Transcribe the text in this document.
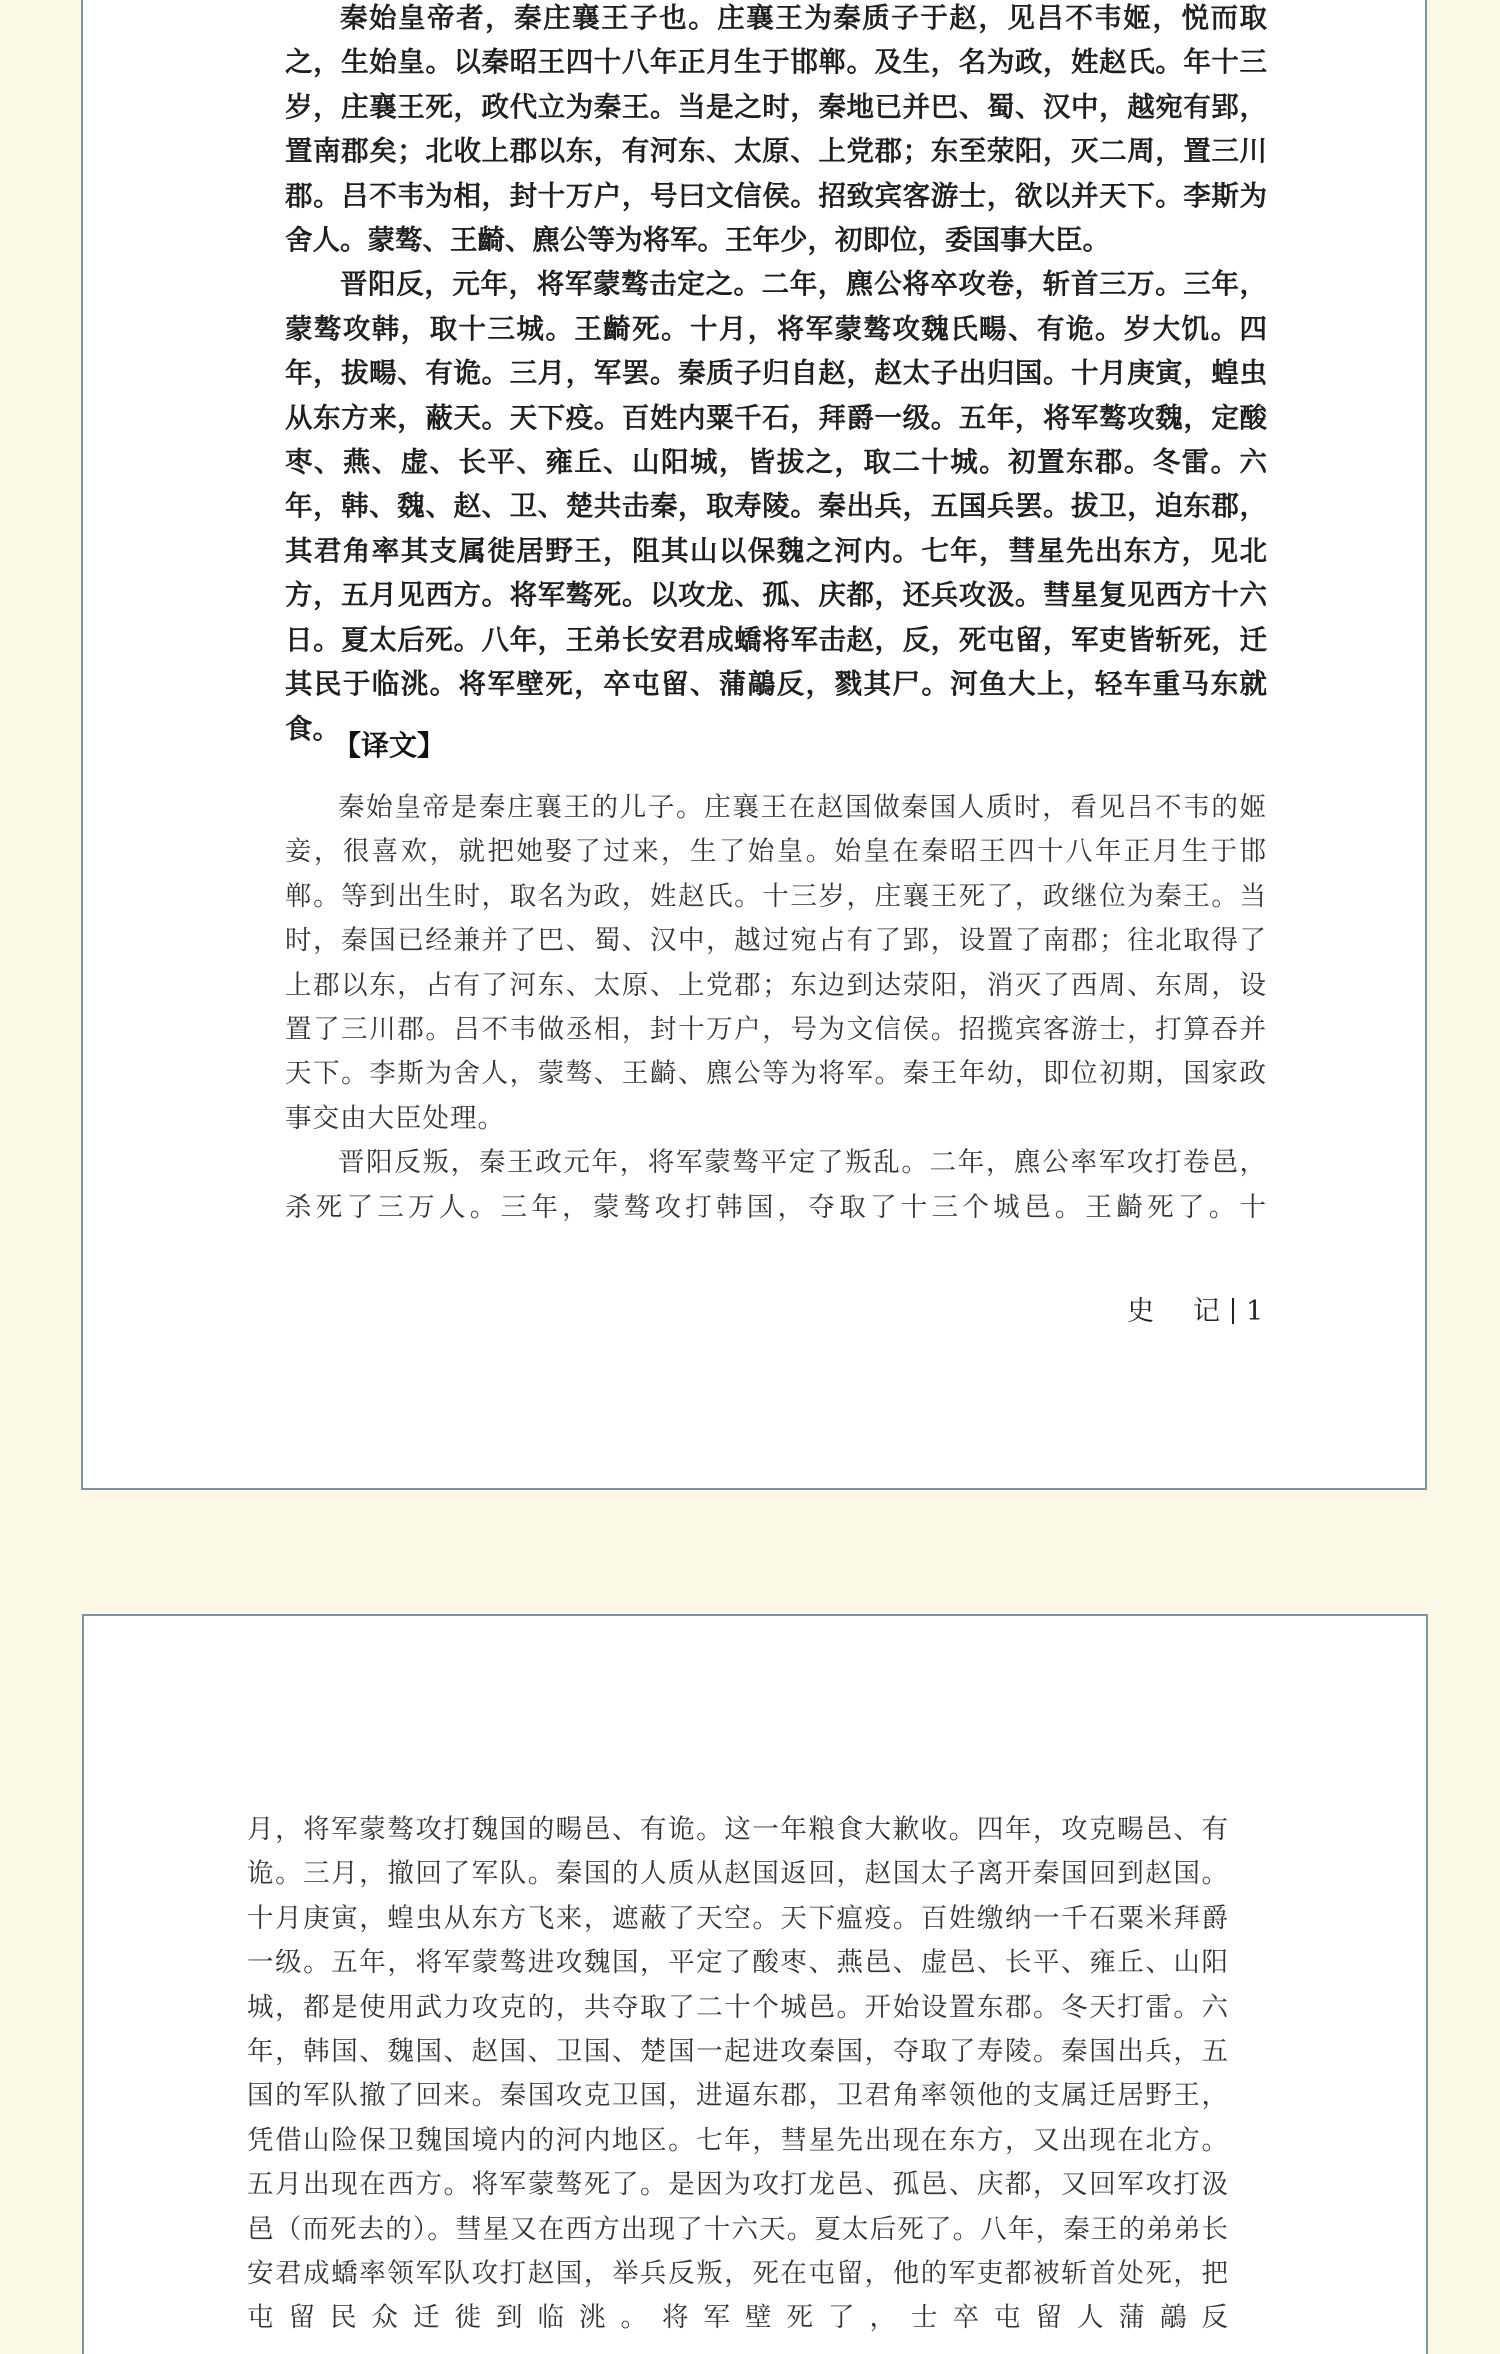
秦始皇帝者，秦庄襄王子也。庄襄王为秦质子于赵，见吕不韦姬，悦而取之，生始皇。以秦昭王四十八年正月生于邯郸。及生，名为政，姓赵氏。年十三岁，庄襄王死，政代立为秦王。当是之时，秦地已并巴、蜀、汉中，越宛有郢，置南郡矣；北收上郡以东，有河东、太原、上党郡；东至荥阳，灭二周，置三川郡。吕不韦为相，封十万户，号曰文信侯。招致宾客游士，欲以并天下。李斯为舍人。蒙骜、王齮、麃公等为将军。王年少，初即位，委国事大臣。

晋阳反，元年，将军蒙骜击定之。二年，麃公将卒攻卷，斩首三万。三年，蒙骜攻韩，取十三城。王齮死。十月，将军蒙骜攻魏氏畼、有诡。岁大饥。四年，拔畼、有诡。三月，军罢。秦质子归自赵，赵太子出归国。十月庚寅，蝗虫从东方来，蔽天。天下疫。百姓内粟千石，拜爵一级。五年，将军骜攻魏，定酸枣、燕、虚、长平、雍丘、山阳城，皆拔之，取二十城。初置东郡。冬雷。六年，韩、魏、赵、卫、楚共击秦，取寿陵。秦出兵，五国兵罢。拔卫，迫东郡，其君角率其支属徙居野王，阻其山以保魏之河内。七年，彗星先出东方，见北方，五月见西方。将军骜死。以攻龙、孤、庆都，还兵攻汲。彗星复见西方十六日。夏太后死。八年，王弟长安君成蟜将军击赵，反，死屯留，军吏皆斩死，迁其民于临洮。将军壁死，卒屯留、蒲鶮反，戮其尸。河鱼大上，轻车重马东就食。

【译文】

秦始皇帝是秦庄襄王的儿子。庄襄王在赵国做秦国人质时，看见吕不韦的姬妾，很喜欢，就把她娶了过来，生了始皇。始皇在秦昭王四十八年正月生于邯郸。等到出生时，取名为政，姓赵氏。十三岁，庄襄王死了，政继位为秦王。当时，秦国已经兼并了巴、蜀、汉中，越过宛占有了郢，设置了南郡；往北取得了上郡以东，占有了河东、太原、上党郡；东边到达荥阳，消灭了西周、东周，设置了三川郡。吕不韦做丞相，封十万户，号为文信侯。招揽宾客游士，打算吞并天下。李斯为舍人，蒙骜、王齮、麃公等为将军。秦王年幼，即位初期，国家政事交由大臣处理。

晋阳反叛，秦王政元年，将军蒙骜平定了叛乱。二年，麃公率军攻打卷邑，杀死了三万人。三年，蒙骜攻打韩国，夺取了十三个城邑。王齮死了。十

史　记 1

月，将军蒙骜攻打魏国的畼邑、有诡。这一年粮食大歉收。四年，攻克畼邑、有诡。三月，撤回了军队。秦国的人质从赵国返回，赵国太子离开秦国回到赵国。十月庚寅，蝗虫从东方飞来，遮蔽了天空。天下瘟疫。百姓缴纳一千石粟米拜爵一级。五年，将军蒙骜进攻魏国，平定了酸枣、燕邑、虚邑、长平、雍丘、山阳城，都是使用武力攻克的，共夺取了二十个城邑。开始设置东郡。冬天打雷。六年，韩国、魏国、赵国、卫国、楚国一起进攻秦国，夺取了寿陵。秦国出兵，五国的军队撤了回来。秦国攻克卫国，进逼东郡，卫君角率领他的支属迁居野王，凭借山险保卫魏国境内的河内地区。七年，彗星先出现在东方，又出现在北方。五月出现在西方。将军蒙骜死了。是因为攻打龙邑、孤邑、庆都，又回军攻打汲邑（而死去的）。彗星又在西方出现了十六天。夏太后死了。八年，秦王的弟弟长安君成蟜率领军队攻打赵国，举兵反叛，死在屯留，他的军吏都被斩首处死，把屯留民众迁徙到临洮。将军壁死了，士卒屯留人蒲鶮反
